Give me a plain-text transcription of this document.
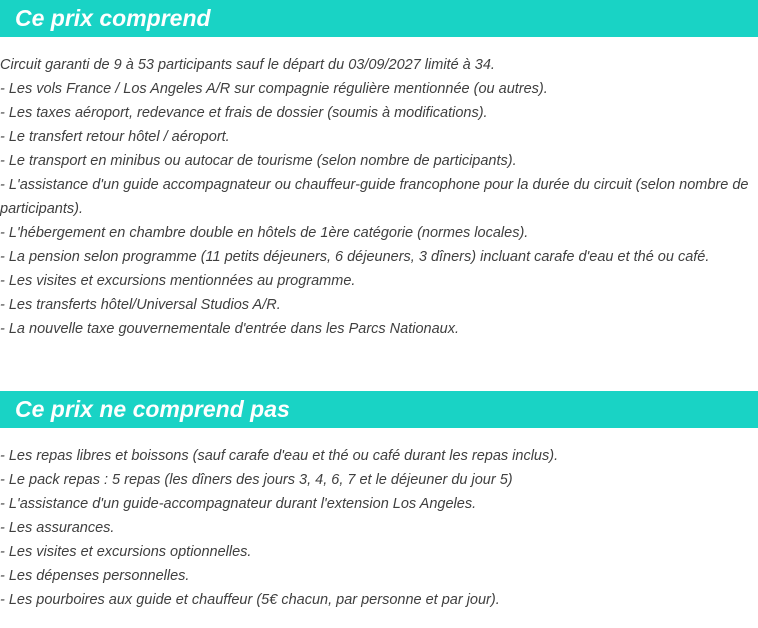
Ce prix comprend
Circuit garanti de 9 à 53 participants sauf le départ du 03/09/2027 limité à 34.
- Les vols France / Los Angeles A/R sur compagnie régulière mentionnée (ou autres).
- Les taxes aéroport, redevance et frais de dossier (soumis à modifications).
- Le transfert retour hôtel / aéroport.
- Le transport en minibus ou autocar de tourisme (selon nombre de participants).
- L'assistance d'un guide accompagnateur ou chauffeur-guide francophone pour la durée du circuit (selon nombre de participants).
- L'hébergement en chambre double en hôtels de 1ère catégorie (normes locales).
- La pension selon programme (11 petits déjeuners, 6 déjeuners, 3 dîners) incluant carafe d'eau et thé ou café.
- Les visites et excursions mentionnées au programme.
- Les transferts hôtel/Universal Studios A/R.
- La nouvelle taxe gouvernementale d'entrée dans les Parcs Nationaux.
Ce prix ne comprend pas
- Les repas libres et boissons (sauf carafe d'eau et thé ou café durant les repas inclus).
- Le pack repas : 5 repas (les dîners des jours 3, 4, 6, 7 et le déjeuner du jour 5)
- L'assistance d'un guide-accompagnateur durant l'extension Los Angeles.
- Les assurances.
- Les visites et excursions optionnelles.
- Les dépenses personnelles.
- Les pourboires aux guide et chauffeur (5€ chacun, par personne et par jour).
